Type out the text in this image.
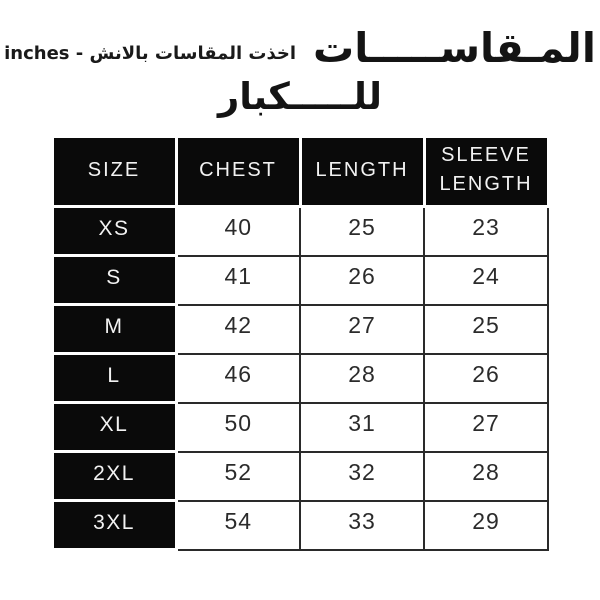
المـقاســـــات
اخذت المقاسات بالانش - inches
للـــــكبار
SIZE	CHEST	LENGTH	SLEEVE LENGTH
XS	40	25	23
S	41	26	24
M	42	27	25
L	46	28	26
XL	50	31	27
2XL	52	32	28
3XL	54	33	29
